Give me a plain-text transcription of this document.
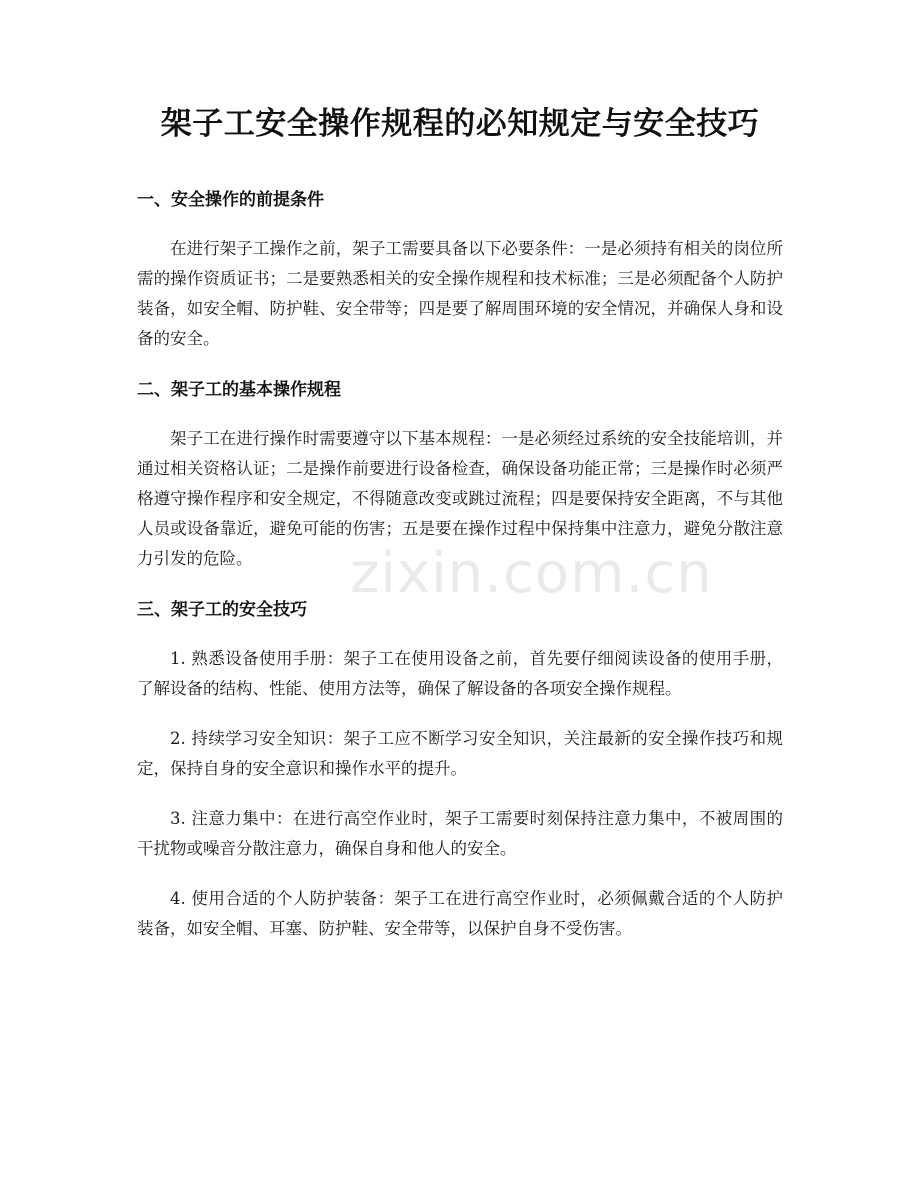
架子工安全操作规程的必知规定与安全技巧
一、安全操作的前提条件

在进行架子工操作之前，架子工需要具备以下必要条件：一是必须持有相关的岗位所需的操作资质证书；二是要熟悉相关的安全操作规程和技术标准；三是必须配备个人防护装备，如安全帽、防护鞋、安全带等；四是要了解周围环境的安全情况，并确保人身和设备的安全。

二、架子工的基本操作规程

架子工在进行操作时需要遵守以下基本规程：一是必须经过系统的安全技能培训，并通过相关资格认证；二是操作前要进行设备检查，确保设备功能正常；三是操作时必须严格遵守操作程序和安全规定，不得随意改变或跳过流程；四是要保持安全距离，不与其他人员或设备靠近，避免可能的伤害；五是要在操作过程中保持集中注意力，避免分散注意力引发的危险。

三、架子工的安全技巧

1. 熟悉设备使用手册：架子工在使用设备之前，首先要仔细阅读设备的使用手册，了解设备的结构、性能、使用方法等，确保了解设备的各项安全操作规程。

2. 持续学习安全知识：架子工应不断学习安全知识，关注最新的安全操作技巧和规定，保持自身的安全意识和操作水平的提升。

3. 注意力集中：在进行高空作业时，架子工需要时刻保持注意力集中，不被周围的干扰物或噪音分散注意力，确保自身和他人的安全。

4. 使用合适的个人防护装备：架子工在进行高空作业时，必须佩戴合适的个人防护装备，如安全帽、耳塞、防护鞋、安全带等，以保护自身不受伤害。

zixin.com.cn
